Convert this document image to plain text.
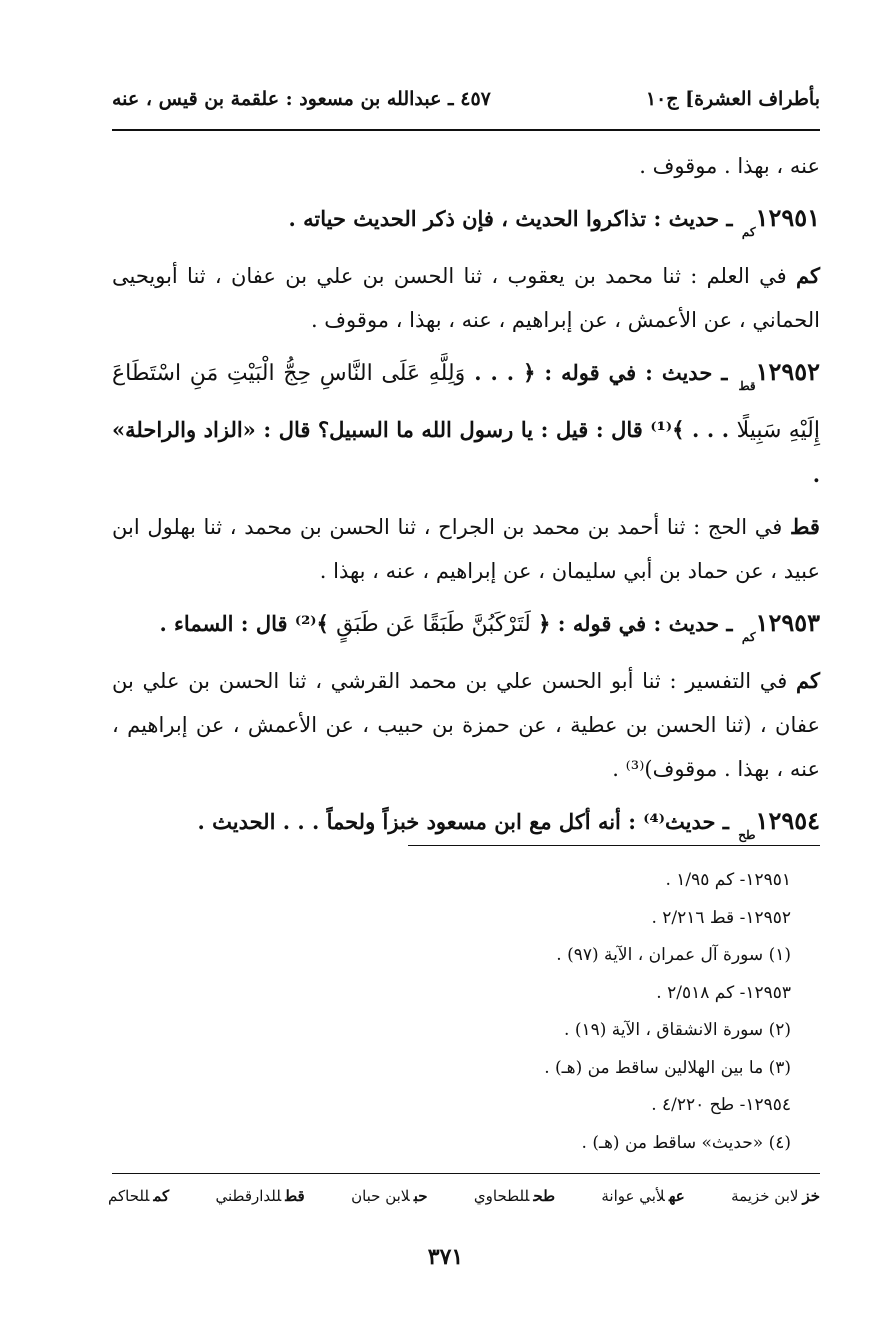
بأطراف العشرة] ج١٠
٤٥٧ ـ عبدالله بن مسعود : علقمة بن قيس ، عنه

عنه ، بهذا . موقوف .

$١٢٩٥١_{كم}$ ـ حديث : تذاكروا الحديث ، فإن ذكر الحديث حياته .

كم في العلم : ثنا محمد بن يعقوب ، ثنا الحسن بن علي بن عفان ، ثنا أبويحيى الحماني ، عن الأعمش ، عن إبراهيم ، عنه ، بهذا ، موقوف .

$١٢٩٥٢_{قط}$ ـ حديث : في قوله : ﴿ . . . وَلِلَّهِ عَلَى النَّاسِ حِجُّ الْبَيْتِ مَنِ اسْتَطَاعَ إِلَيْهِ سَبِيلًا . . . ﴾⁽¹⁾ قال : قيل : يا رسول الله ما السبيل؟ قال : «الزاد والراحلة» .

قط في الحج : ثنا أحمد بن محمد بن الجراح ، ثنا الحسن بن محمد ، ثنا بهلول ابن عبيد ، عن حماد بن أبي سليمان ، عن إبراهيم ، عنه ، بهذا .

$١٢٩٥٣_{كم}$ ـ حديث : في قوله : ﴿ لَتَرْكَبُنَّ طَبَقًا عَن طَبَقٍ ﴾⁽²⁾ قال : السماء .

كم في التفسير : ثنا أبو الحسن علي بن محمد القرشي ، ثنا الحسن بن علي بن عفان ، (ثنا الحسن بن عطية ، عن حمزة بن حبيب ، عن الأعمش ، عن إبراهيم ، عنه ، بهذا . موقوف)⁽³⁾ .

$١٢٩٥٤_{طح}$ ـ حديث⁽⁴⁾ : أنه أكل مع ابن مسعود خبزاً ولحماً . . . الحديث .

١٢٩٥١- كم ١/٩٥ .
١٢٩٥٢- قط ٢/٢١٦ .
(١) سورة آل عمران ، الآية (٩٧) .
١٢٩٥٣- كم ٢/٥١٨ .
(٢) سورة الانشقاق ، الآية (١٩) .
(٣) ما بين الهلالين ساقط من (هـ) .
١٢٩٥٤- طح ٤/٢٢٠ .
(٤) «حديث» ساقط من (هـ) .
خزلابن خزيمة
عهلأبي عوانة
طحللطحاوي
حبلابن حبان
قطللدارقطني
كمللحاكم
٣٧١
